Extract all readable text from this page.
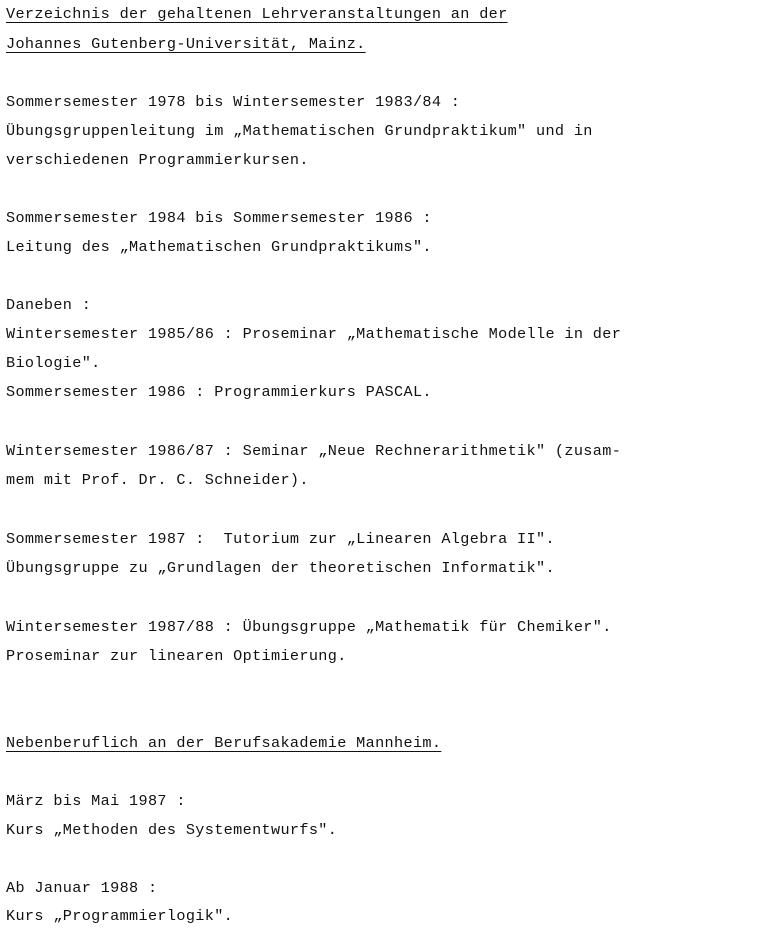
Verzeichnis der gehaltenen Lehrveranstaltungen an der
Johannes Gutenberg-Universität, Mainz.
Sommersemester 1978 bis Wintersemester 1983/84 :
Übungsgruppenleitung im „Mathematischen Grundpraktikum" und in
verschiedenen Programmierkursen.
Sommersemester 1984 bis Sommersemester 1986 :
Leitung des „Mathematischen Grundpraktikums".
Daneben :
Wintersemester 1985/86 : Proseminar „Mathematische Modelle in der
Biologie".
Sommersemester 1986 : Programmierkurs PASCAL.
Wintersemester 1986/87 : Seminar „Neue Rechnerarithmetik" (zusam-
mem mit Prof. Dr. C. Schneider).
Sommersemester 1987 :  Tutorium zur „Linearen Algebra II".
Übungsgruppe zu „Grundlagen der theoretischen Informatik".
Wintersemester 1987/88 : Übungsgruppe „Mathematik für Chemiker".
Proseminar zur linearen Optimierung.
Nebenberuflich an der Berufsakademie Mannheim.
März bis Mai 1987 :
Kurs „Methoden des Systementwurfs".
Ab Januar 1988 :
Kurs „Programmierlogik".
